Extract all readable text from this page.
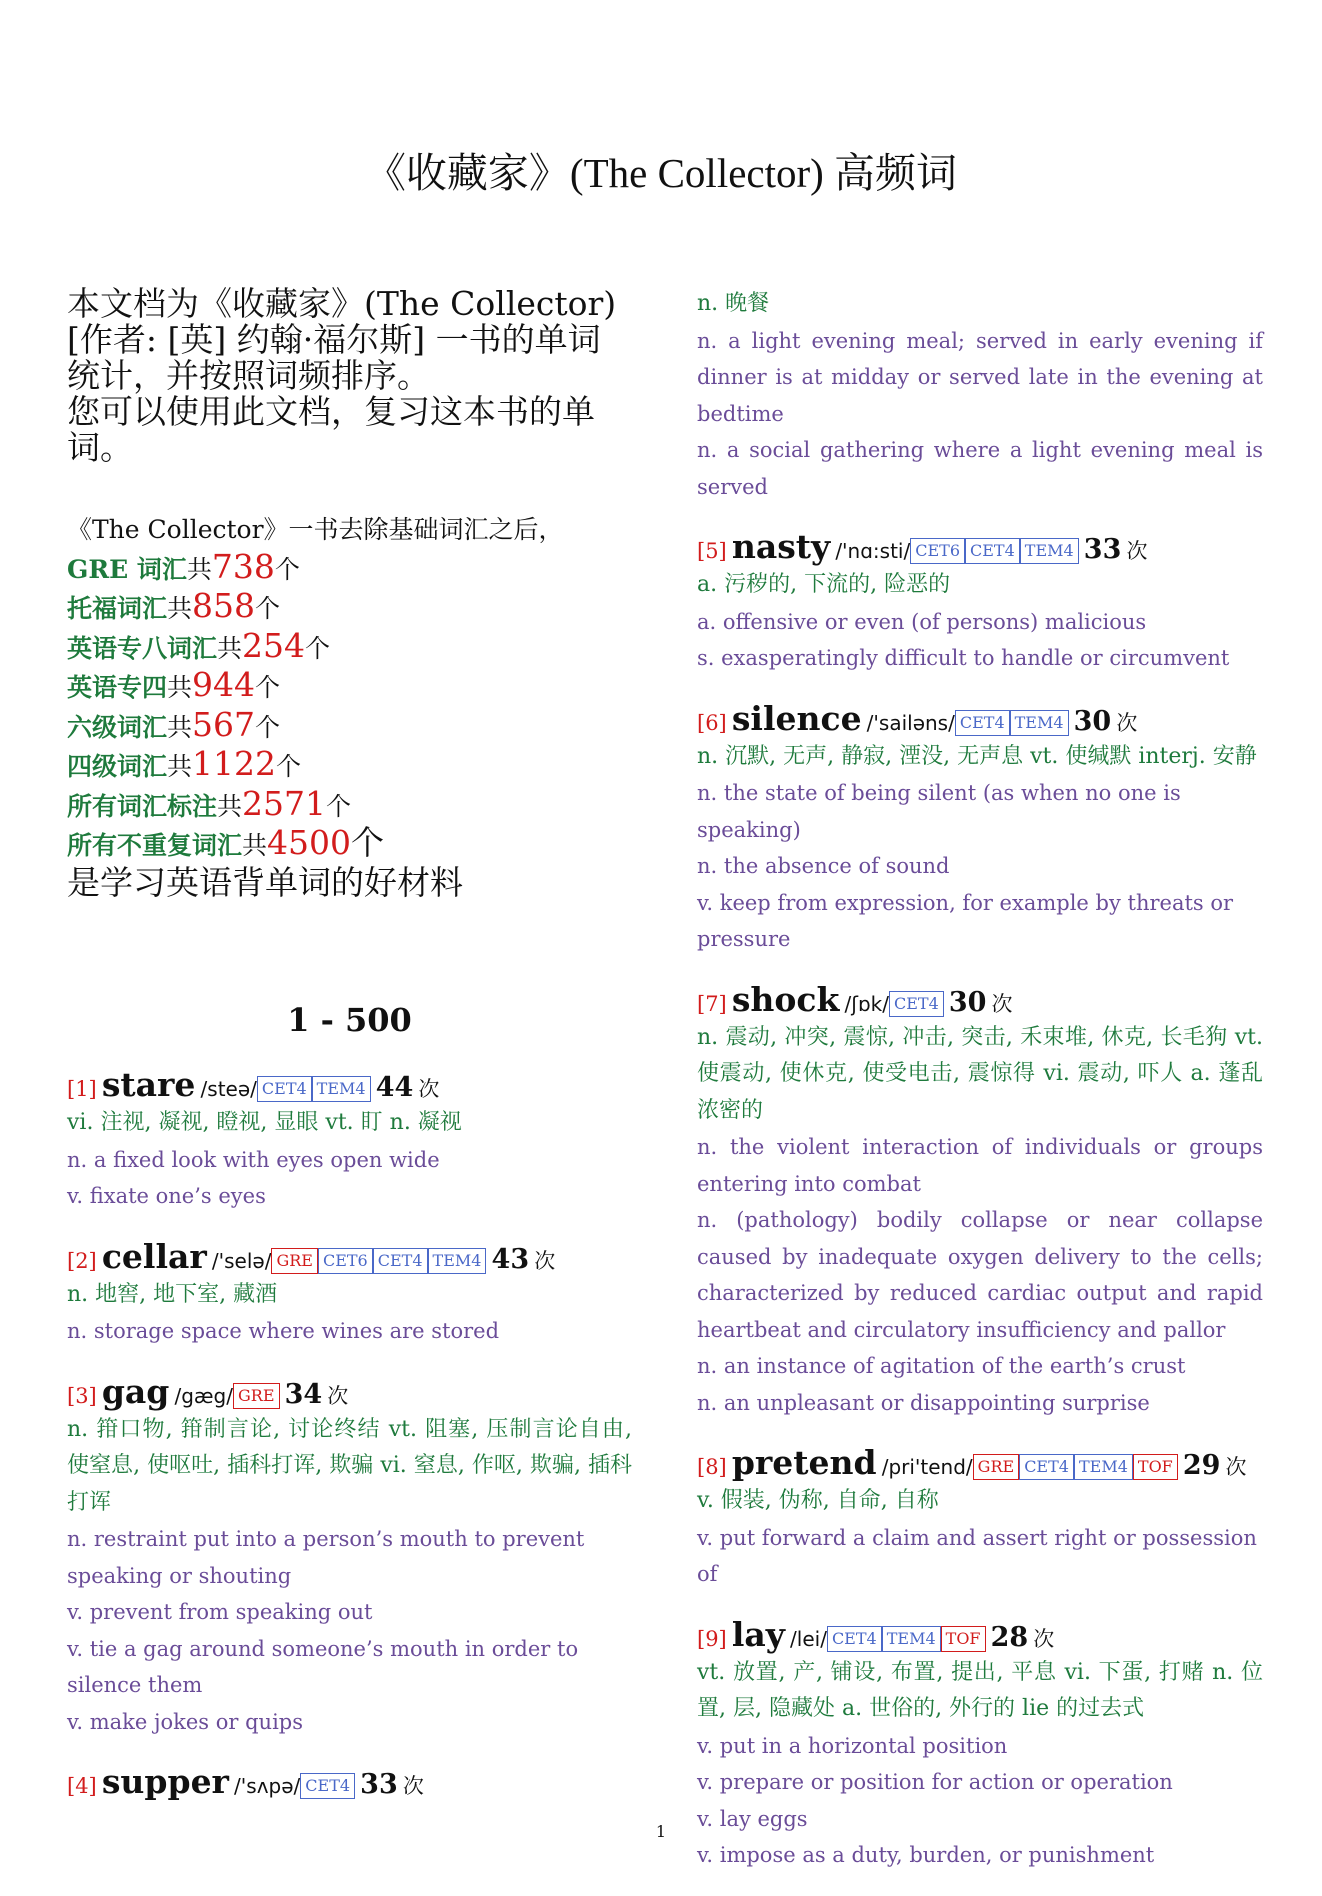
《收藏家》(The Collector) 高频词

本文档为《收藏家》(The Collector)[作者: [英] 约翰·福尔斯] 一书的单词统计，并按照词频排序。

您可以使用此文档，复习这本书的单词。

《The Collector》一书去除基础词汇之后，
GRE 词汇共738个
托福词汇共858个
英语专八词汇共254个
英语专四共944个
六级词汇共567个
四级词汇共1122个
所有词汇标注共2571个
所有不重复词汇共4500个
是学习英语背单词的好材料
1 - 500
[1] stare /steə/ CET4 TEM4 44 次
vi. 注视, 凝视, 瞪视, 显眼 vt. 盯 n. 凝视
n. a fixed look with eyes open wide
v. fixate one’s eyes
[2] cellar /'selə/ GRE CET6 CET4 TEM4 43 次
n. 地窖, 地下室, 藏酒
n. storage space where wines are stored
[3] gag /gæg/ GRE 34 次
n. 箝口物, 箝制言论, 讨论终结 vt. 阻塞, 压制言论自由, 使窒息, 使呕吐, 插科打诨, 欺骗 vi. 窒息, 作呕, 欺骗, 插科打诨
n. restraint put into a person’s mouth to prevent speaking or shouting
v. prevent from speaking out
v. tie a gag around someone’s mouth in order to silence them
v. make jokes or quips
[4] supper /'sʌpə/ CET4 33 次
n. 晚餐
n. a light evening meal; served in early evening if dinner is at midday or served late in the evening at bedtime
n. a social gathering where a light evening meal is served
[5] nasty /'nɑ:sti/ CET6 CET4 TEM4 33 次
a. 污秽的, 下流的, 险恶的
a. offensive or even (of persons) malicious
s. exasperatingly difficult to handle or circumvent
[6] silence /'sailəns/ CET4 TEM4 30 次
n. 沉默, 无声, 静寂, 湮没, 无声息 vt. 使缄默 interj. 安静
n. the state of being silent (as when no one is speaking)
n. the absence of sound
v. keep from expression, for example by threats or pressure
[7] shock /ʃɒk/ CET4 30 次
n. 震动, 冲突, 震惊, 冲击, 突击, 禾束堆, 休克, 长毛狗 vt. 使震动, 使休克, 使受电击, 震惊得 vi. 震动, 吓人 a. 蓬乱浓密的
n. the violent interaction of individuals or groups entering into combat
n. (pathology) bodily collapse or near collapse caused by inadequate oxygen delivery to the cells; characterized by reduced cardiac output and rapid heartbeat and circulatory insufficiency and pallor
n. an instance of agitation of the earth’s crust
n. an unpleasant or disappointing surprise
[8] pretend /pri'tend/ GRE CET4 TEM4 TOF 29 次
v. 假装, 伪称, 自命, 自称
v. put forward a claim and assert right or possession of
[9] lay /lei/ CET4 TEM4 TOF 28 次
vt. 放置, 产, 铺设, 布置, 提出, 平息 vi. 下蛋, 打赌 n. 位置, 层, 隐藏处 a. 世俗的, 外行的 lie 的过去式
v. put in a horizontal position
v. prepare or position for action or operation
v. lay eggs
v. impose as a duty, burden, or punishment
1
